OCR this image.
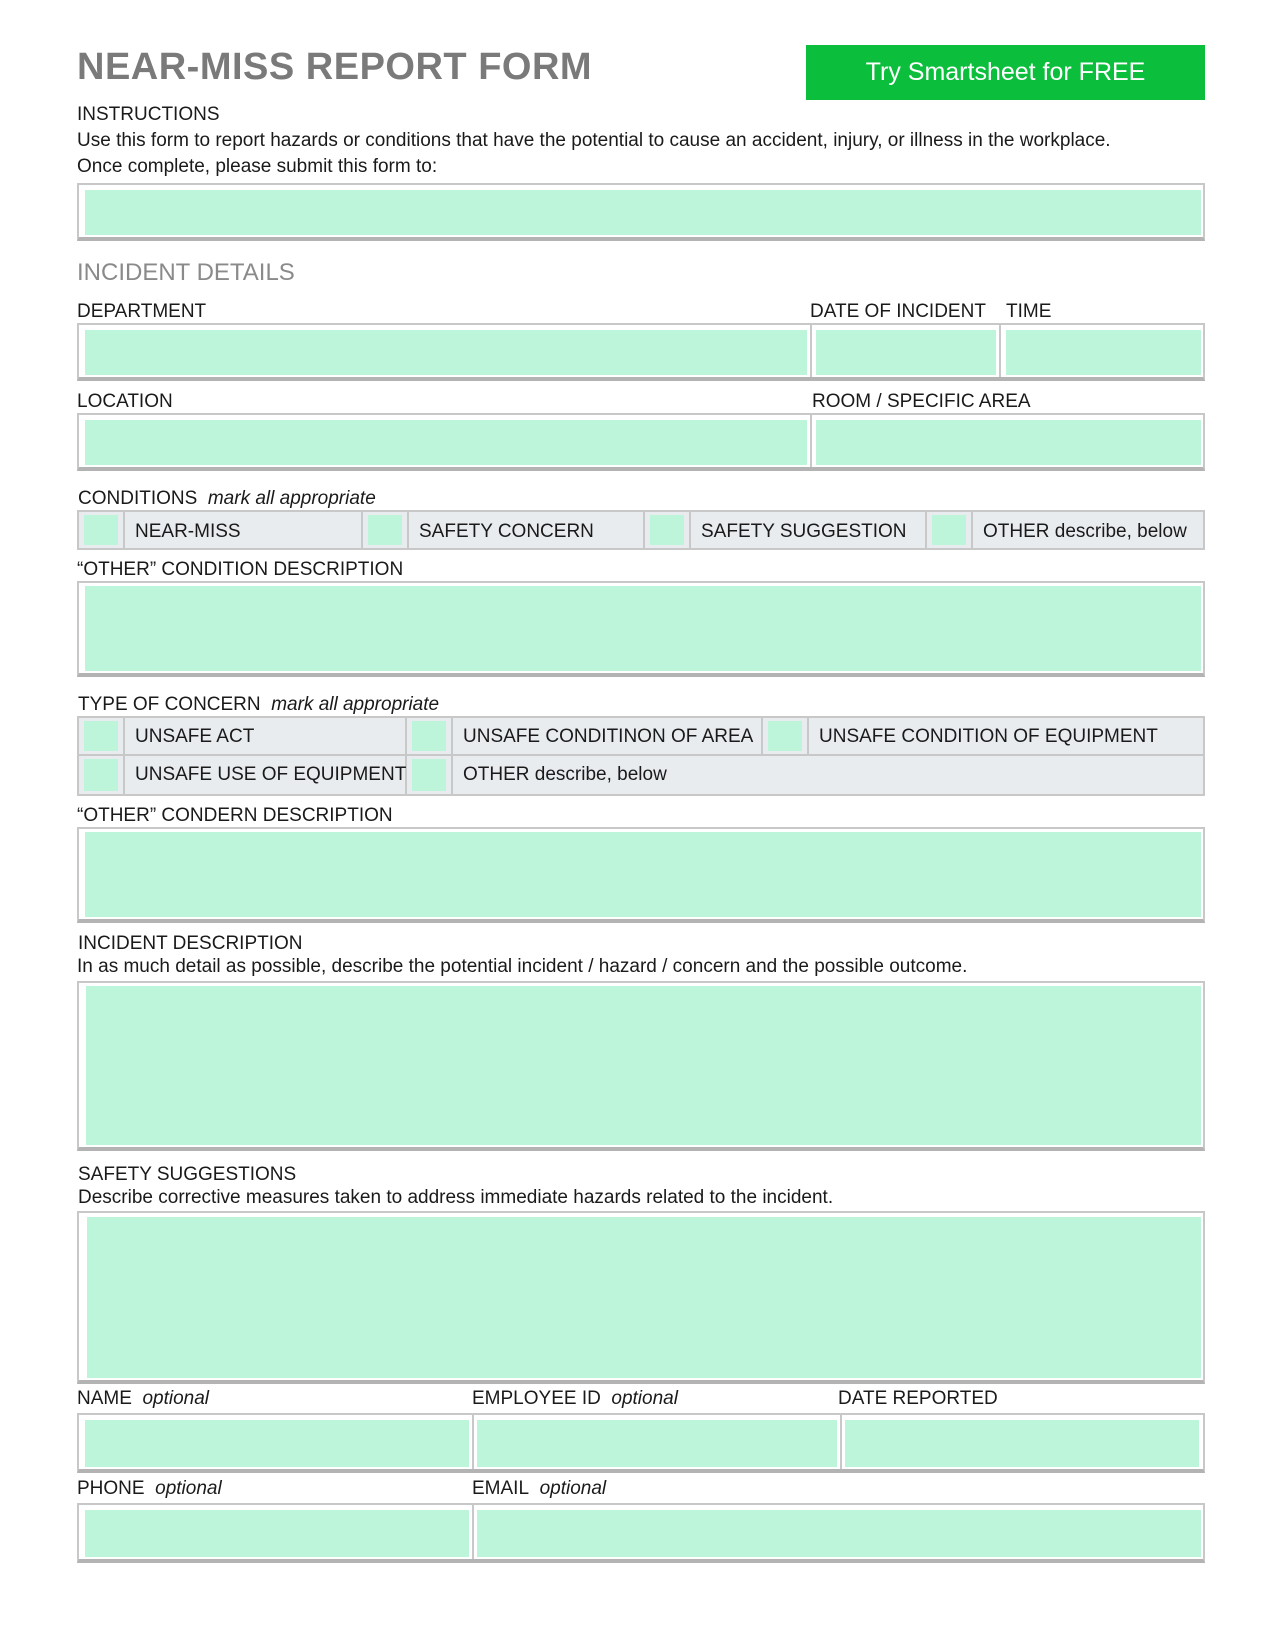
NEAR-MISS REPORT FORM	Try Smartsheet for FREE
INSTRUCTIONS
Use this form to report hazards or conditions that have the potential to cause an accident, injury, or illness in the workplace.
Once complete, please submit this form to:
INCIDENT DETAILS
DEPARTMENT	DATE OF INCIDENT TIME
LOCATION	ROOM / SPECIFIC AREA
CONDITIONS mark all appropriate
NEAR-MISS	SAFETY CONCERN	SAFETY SUGGESTION	OTHER describe, below
“OTHER” CONDITION DESCRIPTION
TYPE OF CONCERN mark all appropriate
UNSAFE ACT	UNSAFE CONDITINON OF AREA	UNSAFE CONDITION OF EQUIPMENT
UNSAFE USE OF EQUIPMENT	OTHER describe, below
“OTHER” CONDERN DESCRIPTION
INCIDENT DESCRIPTION
In as much detail as possible, describe the potential incident / hazard / concern and the possible outcome.
SAFETY SUGGESTIONS
Describe corrective measures taken to address immediate hazards related to the incident.
NAME optional	EMPLOYEE ID optional	DATE REPORTED
PHONE optional	EMAIL optional
